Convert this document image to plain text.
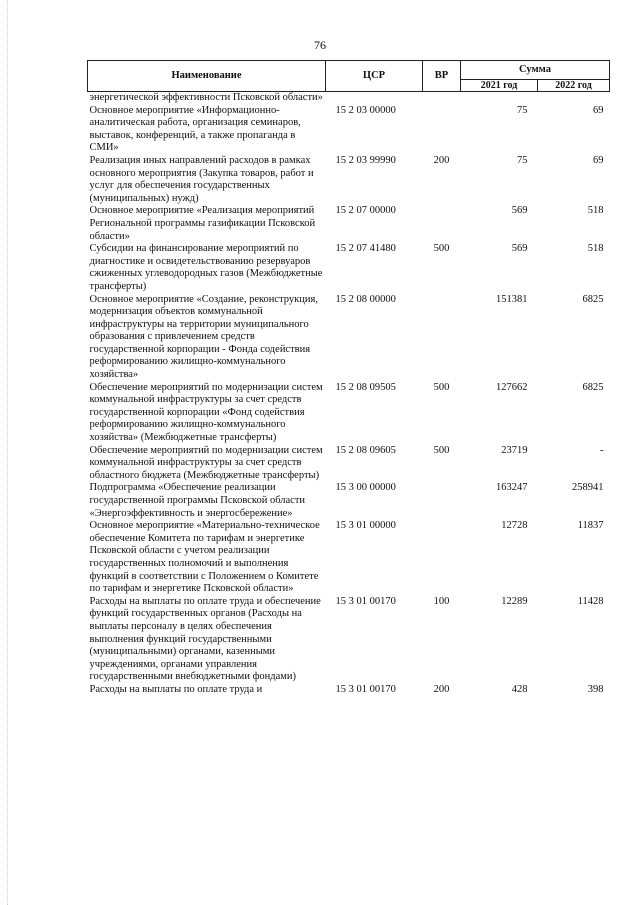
76
Наименование	ЦСР	ВР	Сумма	
			2021 год	2022 год
энергетической эффективности Псковской области»				
Основное мероприятие «Информационно-аналитическая работа, организация семинаров, выставок, конференций, а также пропаганда в СМИ»	15 2 03 00000		75	69
Реализация иных направлений расходов в рамках основного мероприятия (Закупка товаров, работ и услуг для обеспечения государственных (муниципальных) нужд)	15 2 03 99990	200	75	69
Основное мероприятие «Реализация мероприятий Региональной программы газификации Псковской области»	15 2 07 00000		569	518
Субсидии на финансирование мероприятий по диагностике и освидетельствованию резервуаров сжиженных углеводородных газов (Межбюджетные трансферты)	15 2 07 41480	500	569	518
Основное мероприятие «Создание, реконструкция, модернизация объектов коммунальной инфраструктуры на территории муниципального образования с привлечением средств государственной корпорации - Фонда содействия реформированию жилищно-коммунального хозяйства»	15 2 08 00000		151381	6825
Обеспечение мероприятий по модернизации систем коммунальной инфраструктуры за счет средств государственной корпорации «Фонд содействия реформированию жилищно-коммунального хозяйства» (Межбюджетные трансферты)	15 2 08 09505	500	127662	6825
Обеспечение мероприятий по модернизации систем коммунальной инфраструктуры за счет средств областного бюджета (Межбюджетные трансферты)	15 2 08 09605	500	23719	-
Подпрограмма «Обеспечение реализации государственной программы Псковской области «Энергоэффективность и энергосбережение»	15 3 00 00000		163247	258941
Основное мероприятие «Материально-техническое обеспечение Комитета по тарифам и энергетике Псковской области с учетом реализации государственных полномочий и выполнения функций в соответствии с Положением о Комитете по тарифам и энергетике Псковской области»	15 3 01 00000		12728	11837
Расходы на выплаты по оплате труда и обеспечение функций государственных органов (Расходы на выплаты персоналу в целях обеспечения выполнения функций государственными (муниципальными) органами, казенными учреждениями, органами управления государственными внебюджетными фондами)	15 3 01 00170	100	12289	11428
Расходы на выплаты по оплате труда и	15 3 01 00170	200	428	398
